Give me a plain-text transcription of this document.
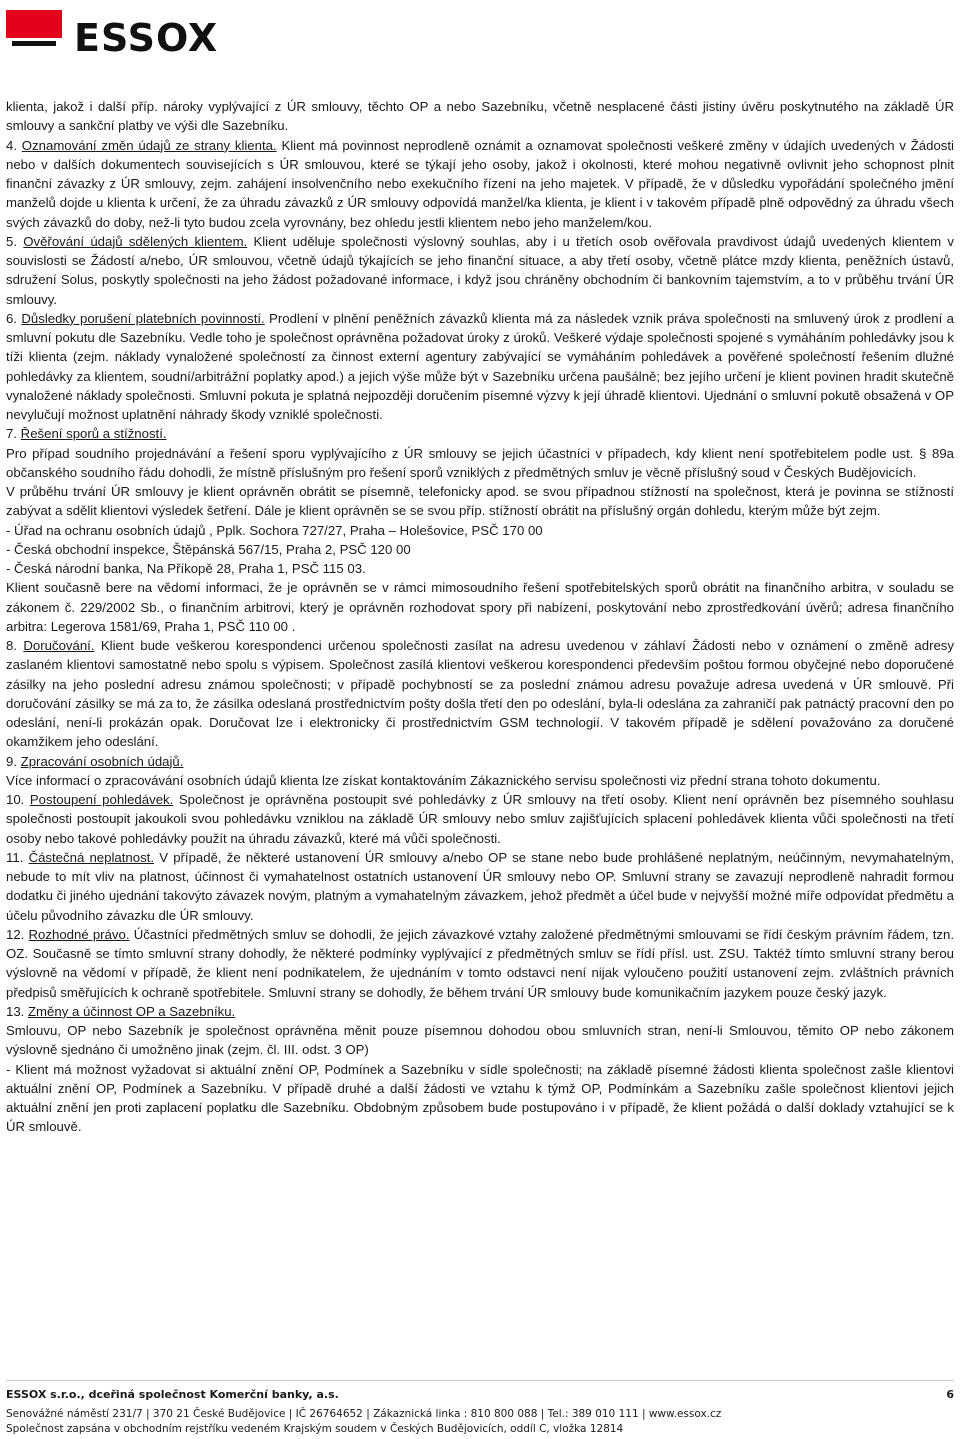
ESSOX

klienta, jakož i další příp. nároky vyplývající z ÚR smlouvy, těchto OP a nebo Sazebníku, včetně nesplacené části jistiny úvěru poskytnutého na základě ÚR smlouvy a sankční platby ve výši dle Sazebníku.

4. Oznamování změn údajů ze strany klienta. Klient má povinnost neprodleně oznámit a oznamovat společnosti veškeré změny v údajích uvedených v Žádosti nebo v dalších dokumentech souvisejících s ÚR smlouvou, které se týkají jeho osoby, jakož i okolnosti, které mohou negativně ovlivnit jeho schopnost plnit finanční závazky z ÚR smlouvy, zejm. zahájení insolvenčního nebo exekučního řízení na jeho majetek. V případě, že v důsledku vypořádání společného jmění manželů dojde u klienta k určení, že za úhradu závazků z ÚR smlouvy odpovídá manžel/ka klienta, je klient i v takovém případě plně odpovědný za úhradu všech svých závazků do doby, než-li tyto budou zcela vyrovnány, bez ohledu jestli klientem nebo jeho manželem/kou.

5. Ověřování údajů sdělených klientem. Klient uděluje společnosti výslovný souhlas, aby i u třetích osob ověřovala pravdivost údajů uvedených klientem v souvislosti se Žádostí a/nebo, ÚR smlouvou, včetně údajů týkajících se jeho finanční situace, a aby třetí osoby, včetně plátce mzdy klienta, peněžních ústavů, sdružení Solus, poskytly společnosti na jeho žádost požadované informace, i když jsou chráněny obchodním či bankovním tajemstvím, a to v průběhu trvání ÚR smlouvy.

6. Důsledky porušení platebních povinností. Prodlení v plnění peněžních závazků klienta má za následek vznik práva společnosti na smluvený úrok z prodlení a smluvní pokutu dle Sazebníku. Vedle toho je společnost oprávněna požadovat úroky z úroků. Veškeré výdaje společnosti spojené s vymáháním pohledávky jsou k tíži klienta (zejm. náklady vynaložené společností za činnost externí agentury zabývající se vymáháním pohledávek a pověřené společností řešením dlužné pohledávky za klientem, soudní/arbitrážní poplatky apod.) a jejich výše může být v Sazebníku určena paušálně; bez jejího určení je klient povinen hradit skutečně vynaložené náklady společnosti. Smluvní pokuta je splatná nejpozději doručením písemné výzvy k její úhradě klientovi. Ujednání o smluvní pokutě obsažená v OP nevylučují možnost uplatnění náhrady škody vzniklé společnosti.

7. Řešení sporů a stížností.

Pro případ soudního projednávání a řešení sporu vyplývajícího z ÚR smlouvy se jejich účastníci v případech, kdy klient není spotřebitelem podle ust. § 89a občanského soudního řádu dohodli, že místně příslušným pro řešení sporů vzniklých z předmětných smluv je věcně příslušný soud v Českých Budějovicích.

V průběhu trvání ÚR smlouvy je klient oprávněn obrátit se písemně, telefonicky apod. se svou případnou stížností na společnost, která je povinna se stížností zabývat a sdělit klientovi výsledek šetření. Dále je klient oprávněn se se svou příp. stížností obrátit na příslušný orgán dohledu, kterým může být zejm.

- Úřad na ochranu osobních údajů , Pplk. Sochora 727/27, Praha – Holešovice, PSČ 170 00

- Česká obchodní inspekce, Štěpánská 567/15, Praha 2, PSČ 120 00

- Česká národní banka, Na Příkopě 28, Praha 1, PSČ 115 03.

Klient současně bere na vědomí informaci, že je oprávněn se v rámci mimosoudního řešení spotřebitelských sporů obrátit na finančního arbitra, v souladu se zákonem č. 229/2002 Sb., o finančním arbitrovi, který je oprávněn rozhodovat spory při nabízení, poskytování nebo zprostředkování úvěrů; adresa finančního arbitra: Legerova 1581/69, Praha 1, PSČ 110 00 .

8. Doručování. Klient bude veškerou korespondenci určenou společnosti zasílat na adresu uvedenou v záhlaví Žádosti nebo v oznámení o změně adresy zaslaném klientovi samostatně nebo spolu s výpisem. Společnost zasílá klientovi veškerou korespondenci především poštou formou obyčejné nebo doporučené zásilky na jeho poslední adresu známou společnosti; v případě pochybností se za poslední známou adresu považuje adresa uvedená v ÚR smlouvě. Při doručování zásilky se má za to, že zásilka odeslaná prostřednictvím pošty došla třetí den po odeslání, byla-li odeslána za zahraničí pak patnáctý pracovní den po odeslání, není-li prokázán opak. Doručovat lze i elektronicky či prostřednictvím GSM technologií. V takovém případě je sdělení považováno za doručené okamžikem jeho odeslání.

9. Zpracování osobních údajů.

Více informací o zpracovávání osobních údajů klienta lze získat kontaktováním Zákaznického servisu společnosti viz přední strana tohoto dokumentu.

10. Postoupení pohledávek. Společnost je oprávněna postoupit své pohledávky z ÚR smlouvy na třetí osoby. Klient není oprávněn bez písemného souhlasu společnosti postoupit jakoukoli svou pohledávku vzniklou na základě ÚR smlouvy nebo smluv zajišťujících splacení pohledávek klienta vůči společnosti na třetí osoby nebo takové pohledávky použít na úhradu závazků, které má vůči společnosti.

11. Částečná neplatnost. V případě, že některé ustanovení ÚR smlouvy a/nebo OP se stane nebo bude prohlášené neplatným, neúčinným, nevymahatelným, nebude to mít vliv na platnost, účinnost či vymahatelnost ostatních ustanovení ÚR smlouvy nebo OP. Smluvní strany se zavazují neprodleně nahradit formou dodatku či jiného ujednání takovýto závazek novým, platným a vymahatelným závazkem, jehož předmět a účel bude v nejvyšší možné míře odpovídat předmětu a účelu původního závazku dle ÚR smlouvy.

12. Rozhodné právo. Účastníci předmětných smluv se dohodli, že jejich závazkové vztahy založené předmětnými smlouvami se řídí českým právním řádem, tzn. OZ. Současně se tímto smluvní strany dohodly, že některé podmínky vyplývající z předmětných smluv se řídí přísl. ust. ZSU. Taktéž tímto smluvní strany berou výslovně na vědomí v případě, že klient není podnikatelem, že ujednáním v tomto odstavci není nijak vyloučeno použití ustanovení zejm. zvláštních právních předpisů směřujících k ochraně spotřebitele. Smluvní strany se dohodly, že během trvání ÚR smlouvy bude komunikačním jazykem pouze český jazyk.

13. Změny a účinnost OP a Sazebníku.

Smlouvu, OP nebo Sazebník je společnost oprávněna měnit pouze písemnou dohodou obou smluvních stran, není-li Smlouvou, těmito OP nebo zákonem výslovně sjednáno či umožněno jinak (zejm. čl. III. odst. 3 OP)

- Klient má možnost vyžadovat si aktuální znění OP, Podmínek a Sazebníku v sídle společnosti; na základě písemné žádosti klienta společnost zašle klientovi aktuální znění OP, Podmínek a Sazebníku. V případě druhé a další žádosti ve vztahu k týmž OP, Podmínkám a Sazebníku zašle společnost klientovi jejich aktuální znění jen proti zaplacení poplatku dle Sazebníku. Obdobným způsobem bude postupováno i v případě, že klient požádá o další doklady vztahující se k ÚR smlouvě.

ESSOX s.r.o., dceřiná společnost Komerční banky, a.s.	6
Senovážné náměstí 231/7 | 370 21 České Budějovice | IČ 26764652 | Zákaznická linka : 810 800 088 | Tel.: 389 010 111 | www.essox.cz
Společnost zapsána v obchodním rejstříku vedeném Krajským soudem v Českých Budějovicích, oddíl C, vložka 12814
